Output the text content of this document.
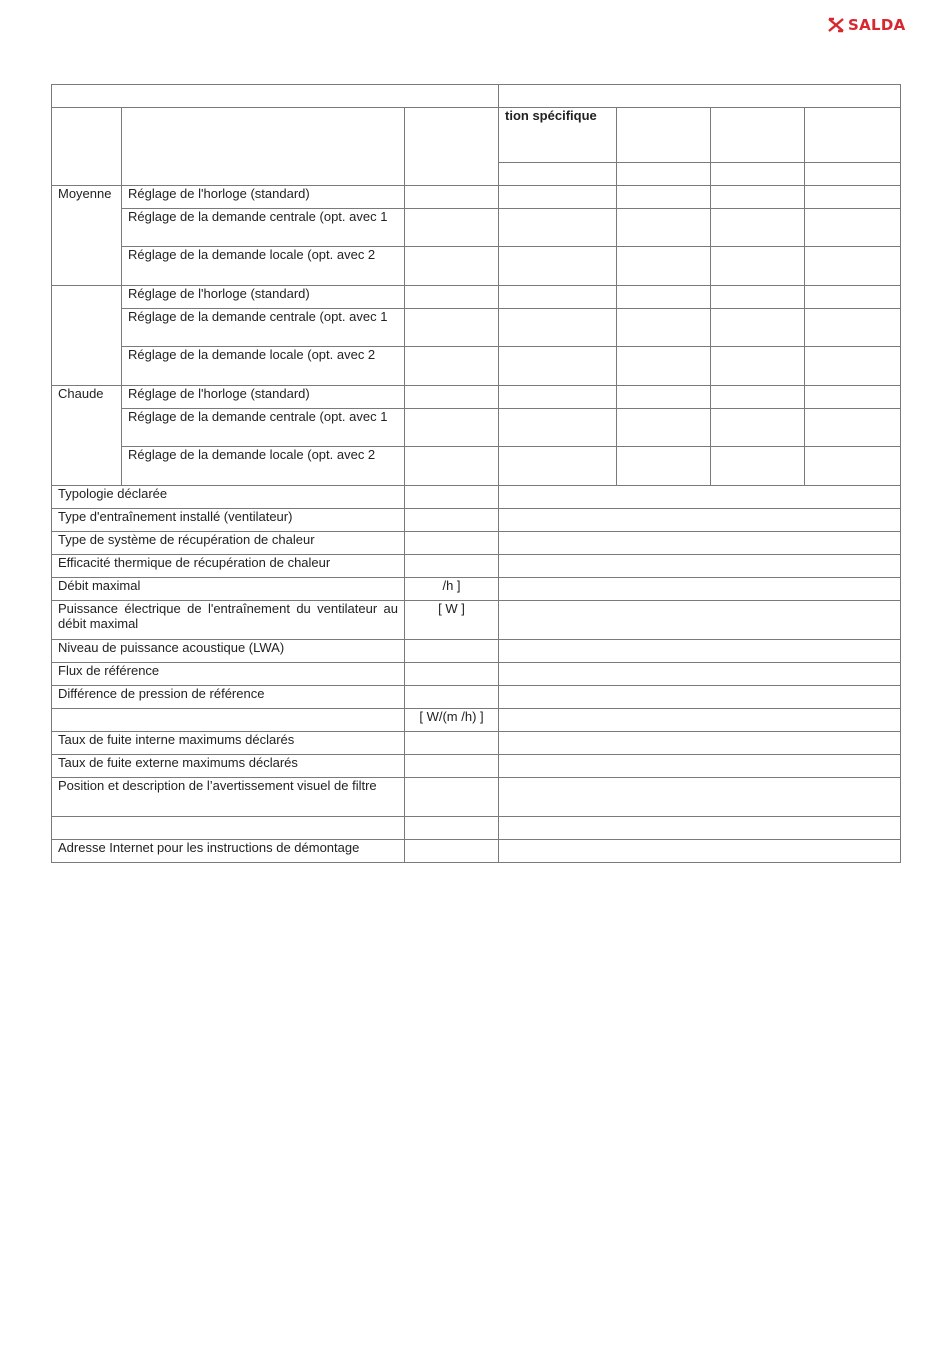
SALDA

			tion spécifique			

Moyenne	Réglage de l'horloge (standard)					
	Réglage de la demande centrale (opt. avec 1					
	Réglage de la demande locale (opt. avec 2					
	Réglage de l'horloge (standard)					
	Réglage de la demande centrale (opt. avec 1					
	Réglage de la demande locale (opt. avec 2					
Chaude	Réglage de l'horloge (standard)					
	Réglage de la demande centrale (opt. avec 1					
	Réglage de la demande locale (opt. avec 2					
Typologie déclarée						
Type d'entraînement installé (ventilateur)						
Type de système de récupération de chaleur						
Efficacité thermique de récupération de chaleur						
Débit maximal		/h ]				
Puissance électrique de l'entraînement du ventilateur au débit maximal		[ W ]				
Niveau de puissance acoustique (LWA)						
Flux de référence						
Différence de pression de référence						
		[ W/(m /h) ]				
Taux de fuite interne maximums déclarés						
Taux de fuite externe maximums déclarés						
Position et description de l’avertissement visuel de filtre						

Adresse Internet pour les instructions de démontage						
